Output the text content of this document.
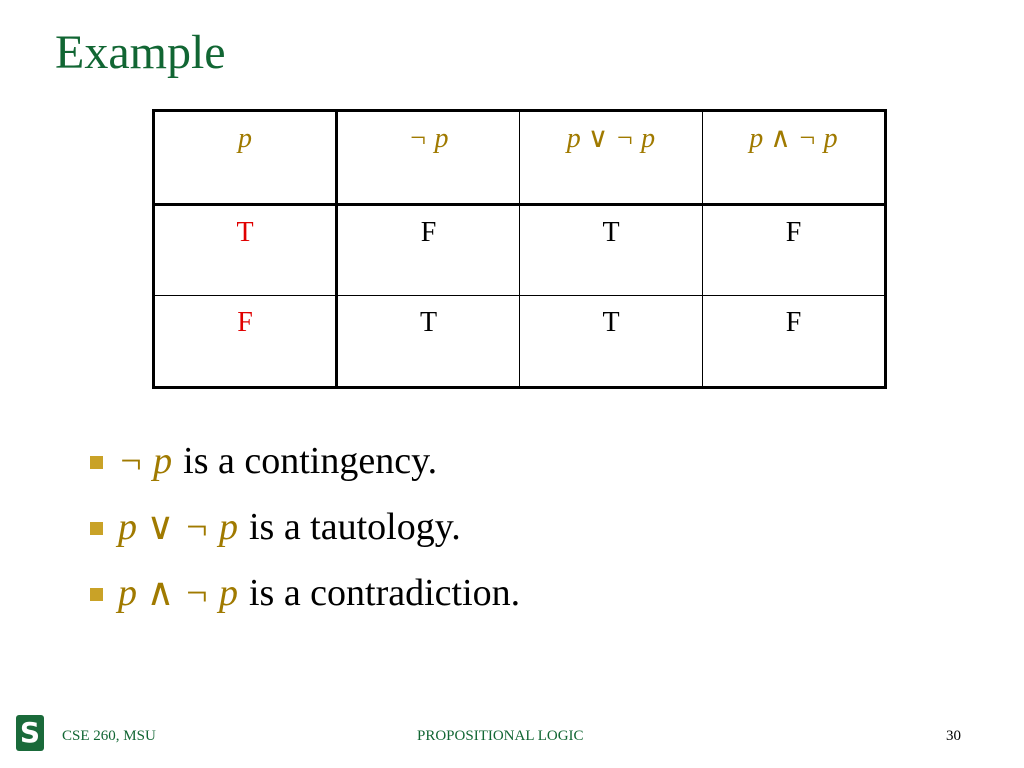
Example
p	¬ p	p ∨ ¬ p	p ∧ ¬ p
T	F	T	F
F	T	T	F
¬ p is a contingency.
p ∨ ¬ p is a tautology.
p ∧ ¬ p is a contradiction.
S CSE 260, MSU	PROPOSITIONAL LOGIC	30
